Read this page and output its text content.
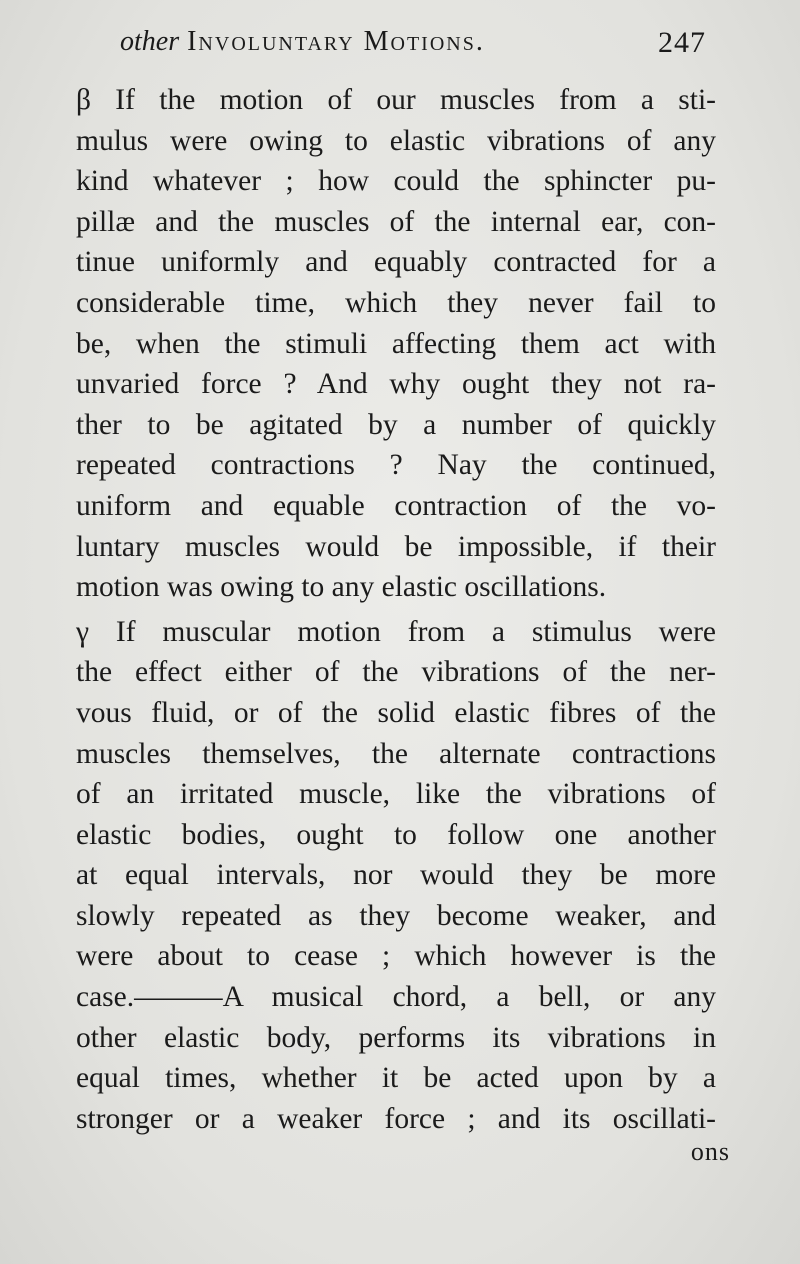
other Involuntary Motions.	247
β If the motion of our muscles from a sti-
mulus were owing to elastic vibrations of any
kind whatever ; how could the sphincter pu-
pillæ and the muscles of the internal ear, con-
tinue uniformly and equably contracted for a
considerable time, which they never fail to
be, when the stimuli affecting them act with
unvaried force ? And why ought they not ra-
ther to be agitated by a number of quickly
repeated contractions ? Nay the continued,
uniform and equable contraction of the vo-
luntary muscles would be impossible, if their
motion was owing to any elastic oscillations.
γ If muscular motion from a stimulus were
the effect either of the vibrations of the ner-
vous fluid, or of the solid elastic fibres of the
muscles themselves, the alternate contractions
of an irritated muscle, like the vibrations of
elastic bodies, ought to follow one another
at equal intervals, nor would they be more
slowly repeated as they become weaker, and
were about to cease ; which however is the
case.———A musical chord, a bell, or any
other elastic body, performs its vibrations in
equal times, whether it be acted upon by a
stronger or a weaker force ; and its oscillati-
ons
